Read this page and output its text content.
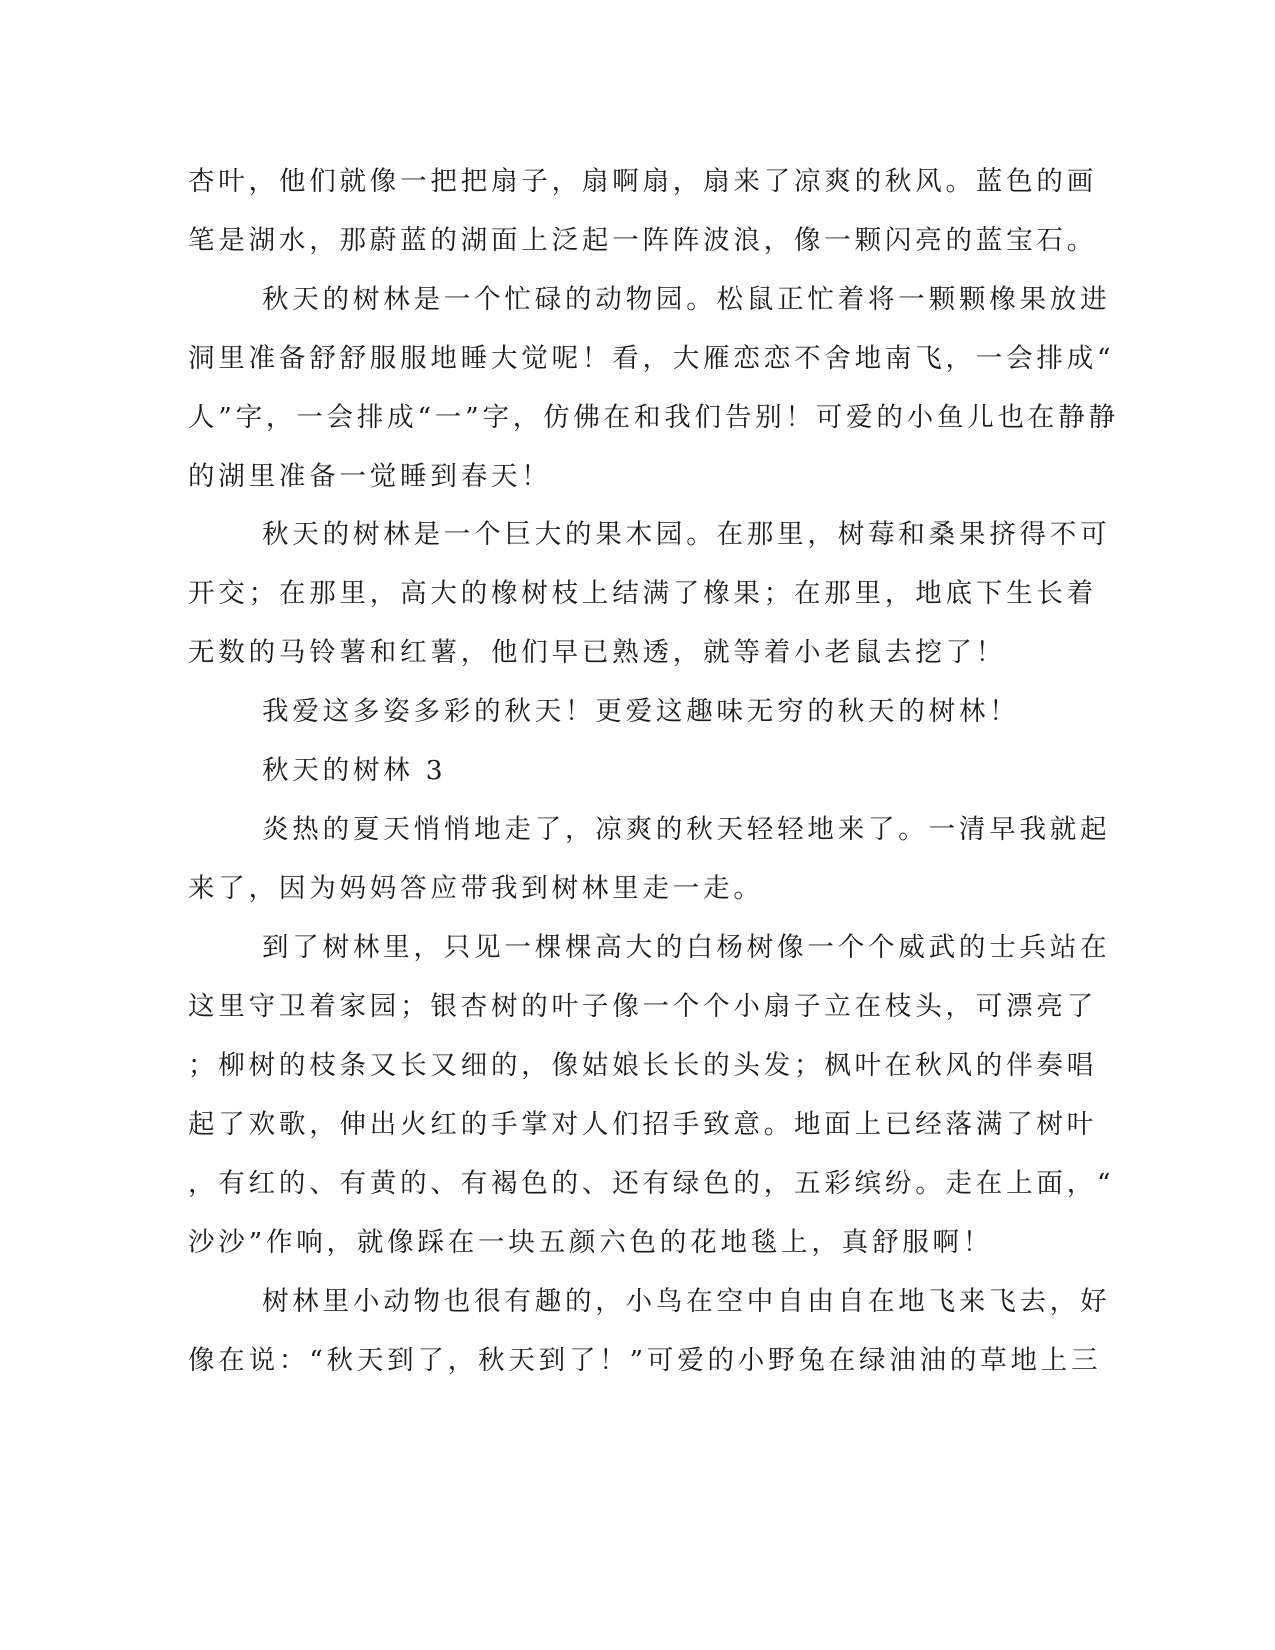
杏叶，他们就像一把把扇子，扇啊扇，扇来了凉爽的秋风。蓝色的画
笔是湖水，那蔚蓝的湖面上泛起一阵阵波浪，像一颗闪亮的蓝宝石。
秋天的树林是一个忙碌的动物园。松鼠正忙着将一颗颗橡果放进
洞里准备舒舒服服地睡大觉呢！看，大雁恋恋不舍地南飞，一会排成“
人”字，一会排成“一”字，仿佛在和我们告别！可爱的小鱼儿也在静静
的湖里准备一觉睡到春天！
秋天的树林是一个巨大的果木园。在那里，树莓和桑果挤得不可
开交；在那里，高大的橡树枝上结满了橡果；在那里，地底下生长着
无数的马铃薯和红薯，他们早已熟透，就等着小老鼠去挖了！
我爱这多姿多彩的秋天！更爱这趣味无穷的秋天的树林！
秋天的树林 3
炎热的夏天悄悄地走了，凉爽的秋天轻轻地来了。一清早我就起
来了，因为妈妈答应带我到树林里走一走。
到了树林里，只见一棵棵高大的白杨树像一个个威武的士兵站在
这里守卫着家园；银杏树的叶子像一个个小扇子立在枝头，可漂亮了
；柳树的枝条又长又细的，像姑娘长长的头发；枫叶在秋风的伴奏唱
起了欢歌，伸出火红的手掌对人们招手致意。地面上已经落满了树叶
，有红的、有黄的、有褐色的、还有绿色的，五彩缤纷。走在上面，“
沙沙”作响，就像踩在一块五颜六色的花地毯上，真舒服啊！
树林里小动物也很有趣的，小鸟在空中自由自在地飞来飞去，好
像在说：“秋天到了，秋天到了！”可爱的小野兔在绿油油的草地上三
